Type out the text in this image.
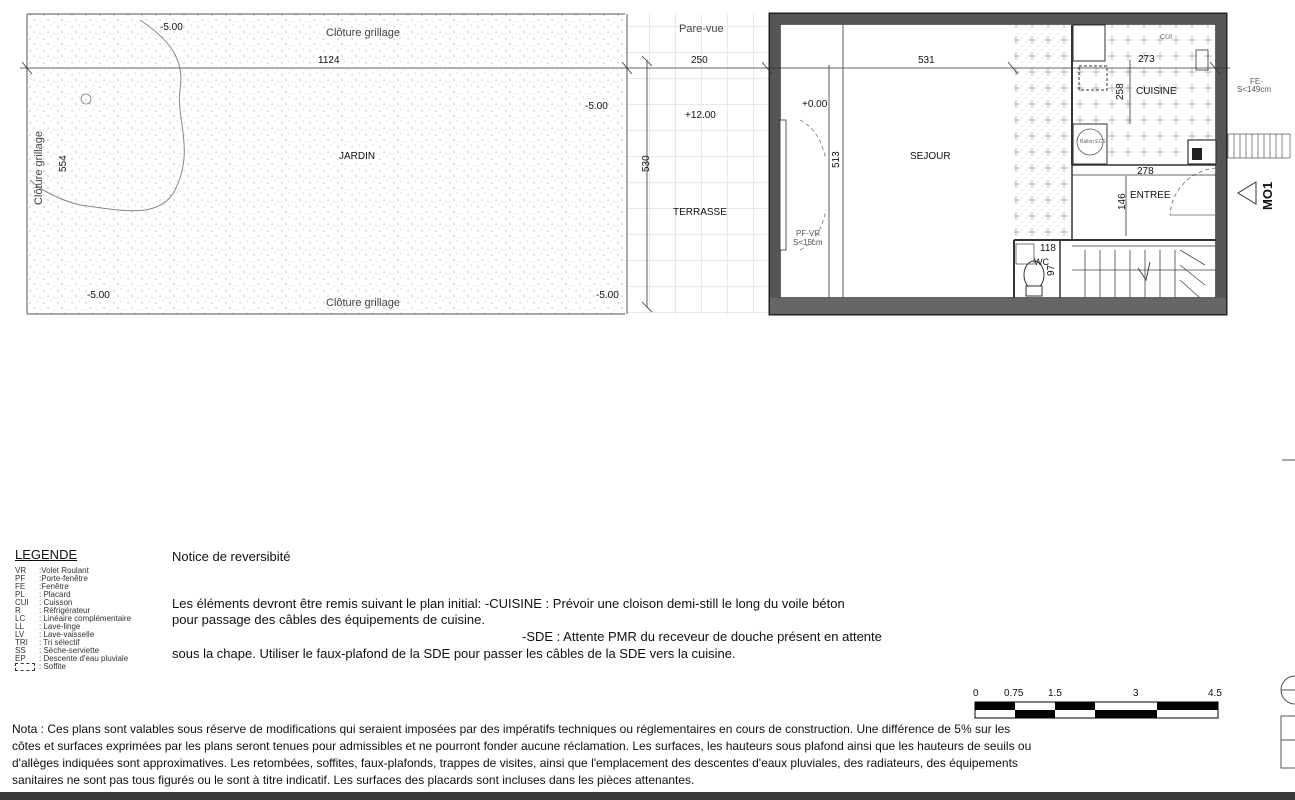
Clôture grillage
Clôture grillage
Clôture grillage
1124	250	531	273
278
554	530	513
258
146
118
97
-5.00
-5.00
-5.00	-5.00
+12.00
+0.00
JARDIN
TERRASSE
SEJOUR
CUISINE
ENTREE
WC
Pare-vue
PF-VR
S<15cm
FE-
S<149cm
CUI
Ballon ECS
MO1
LEGENDE
VR :Volet Roulant
PF :Porte-fenêtre
FE :Fenêtre
PL : Placard
CUI : Cuisson
R : Réfrigérateur
LC : Linéaire complémentaire
LL : Lave-linge
LV : Lave-vaisselle
TRI : Tri sélectif
SS : Sèche-serviette
EP : Descente d'eau pluviale
: Soffite
Notice de reversibité
Les éléments devront être remis suivant le plan initial: -CUISINE : Prévoir une cloison demi-still le long du voile béton
pour passage des câbles des équipements de cuisine.
-SDE : Attente PMR du receveur de douche présent en attente
sous la chape. Utiliser le faux-plafond de la SDE pour passer les câbles de la SDE vers la cuisine.
0	0.75 1.5	3	4.5
Nota : Ces plans sont valables sous réserve de modifications qui seraient imposées par des impératifs techniques ou réglementaires en cours de construction. Une différence de 5% sur les
côtes et surfaces exprimées par les plans seront tenues pour admissibles et ne pourront fonder aucune réclamation. Les surfaces, les hauteurs sous plafond ainsi que les hauteurs de seuils ou
d'allèges indiquées sont approximatives. Les retombées, soffites, faux-plafonds, trappes de visites, ainsi que l'emplacement des descentes d'eaux pluviales, des radiateurs, des équipements
sanitaires ne sont pas tous figurés ou le sont à titre indicatif. Les surfaces des placards sont incluses dans les pièces attenantes.
